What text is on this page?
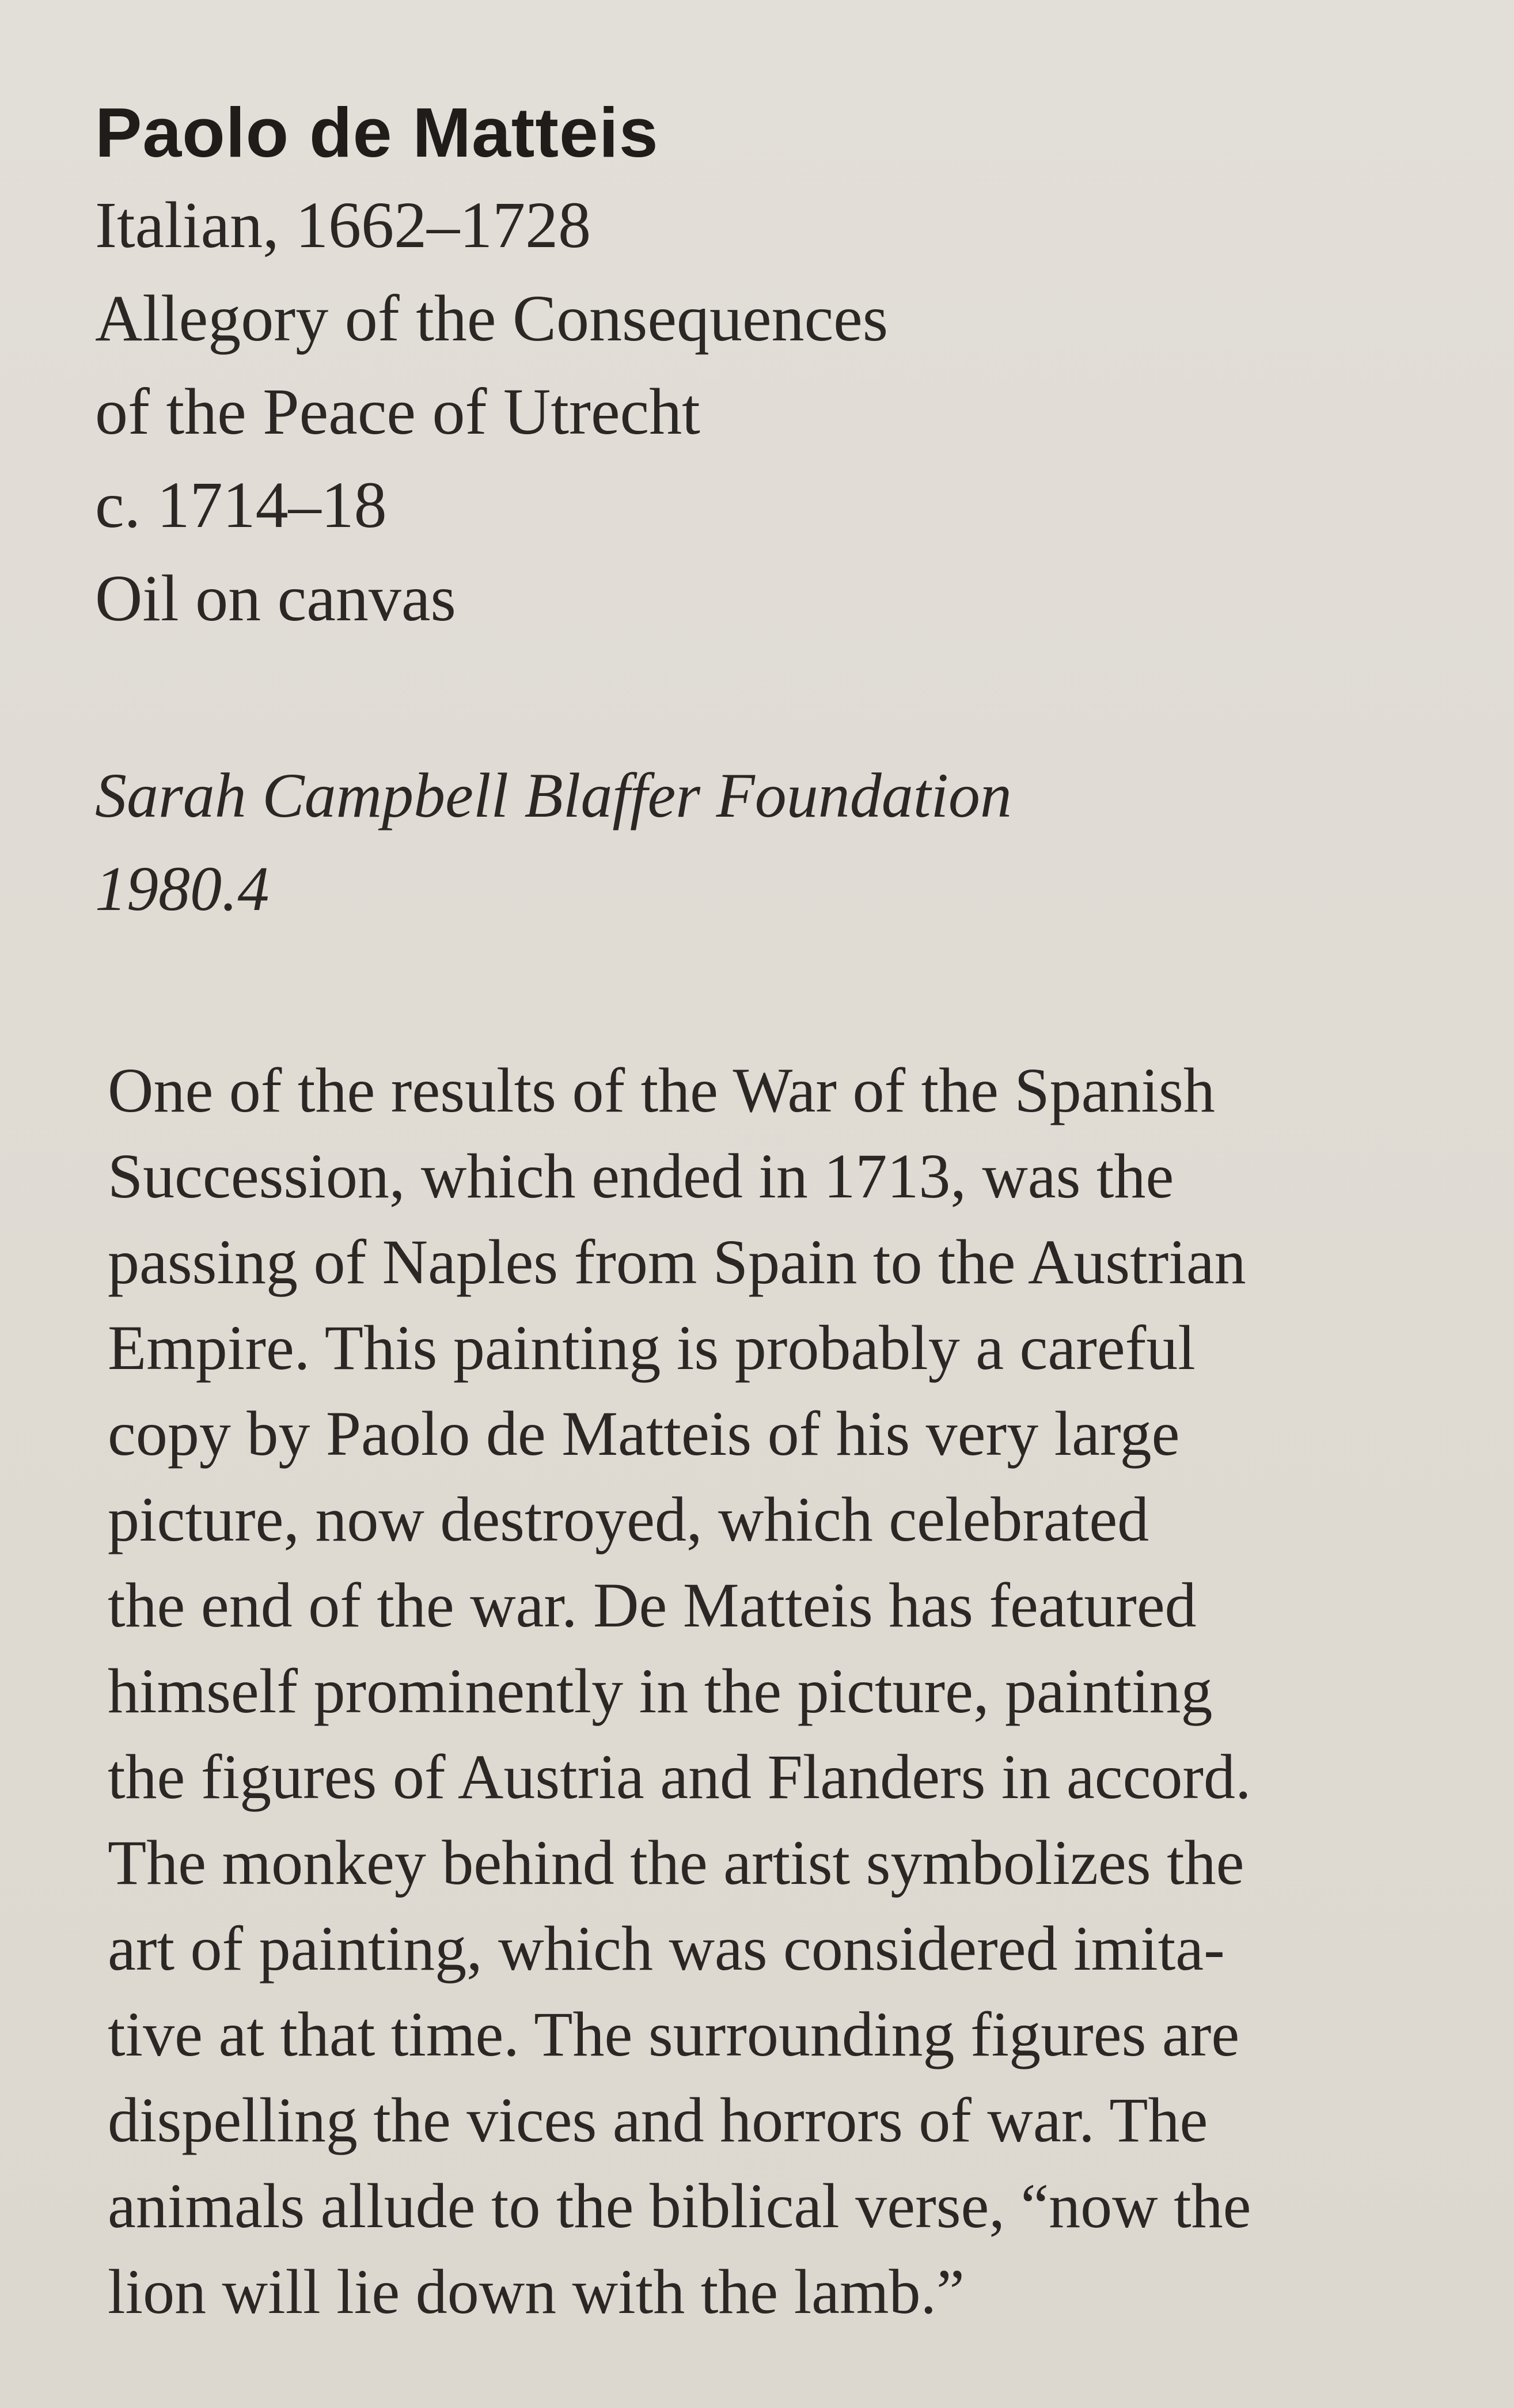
Paolo de Matteis

Italian, 1662–1728

Allegory of the Consequences

of the Peace of Utrecht

c. 1714–18

Oil on canvas

Sarah Campbell Blaffer Foundation

1980.4

One of the results of the War of the Spanish

Succession, which ended in 1713, was the

passing of Naples from Spain to the Austrian

Empire. This painting is probably a careful

copy by Paolo de Matteis of his very large

picture, now destroyed, which celebrated

the end of the war. De Matteis has featured

himself prominently in the picture, painting

the figures of Austria and Flanders in accord.

The monkey behind the artist symbolizes the

art of painting, which was considered imita-

tive at that time. The surrounding figures are

dispelling the vices and horrors of war. The

animals allude to the biblical verse, “now the

lion will lie down with the lamb.”
